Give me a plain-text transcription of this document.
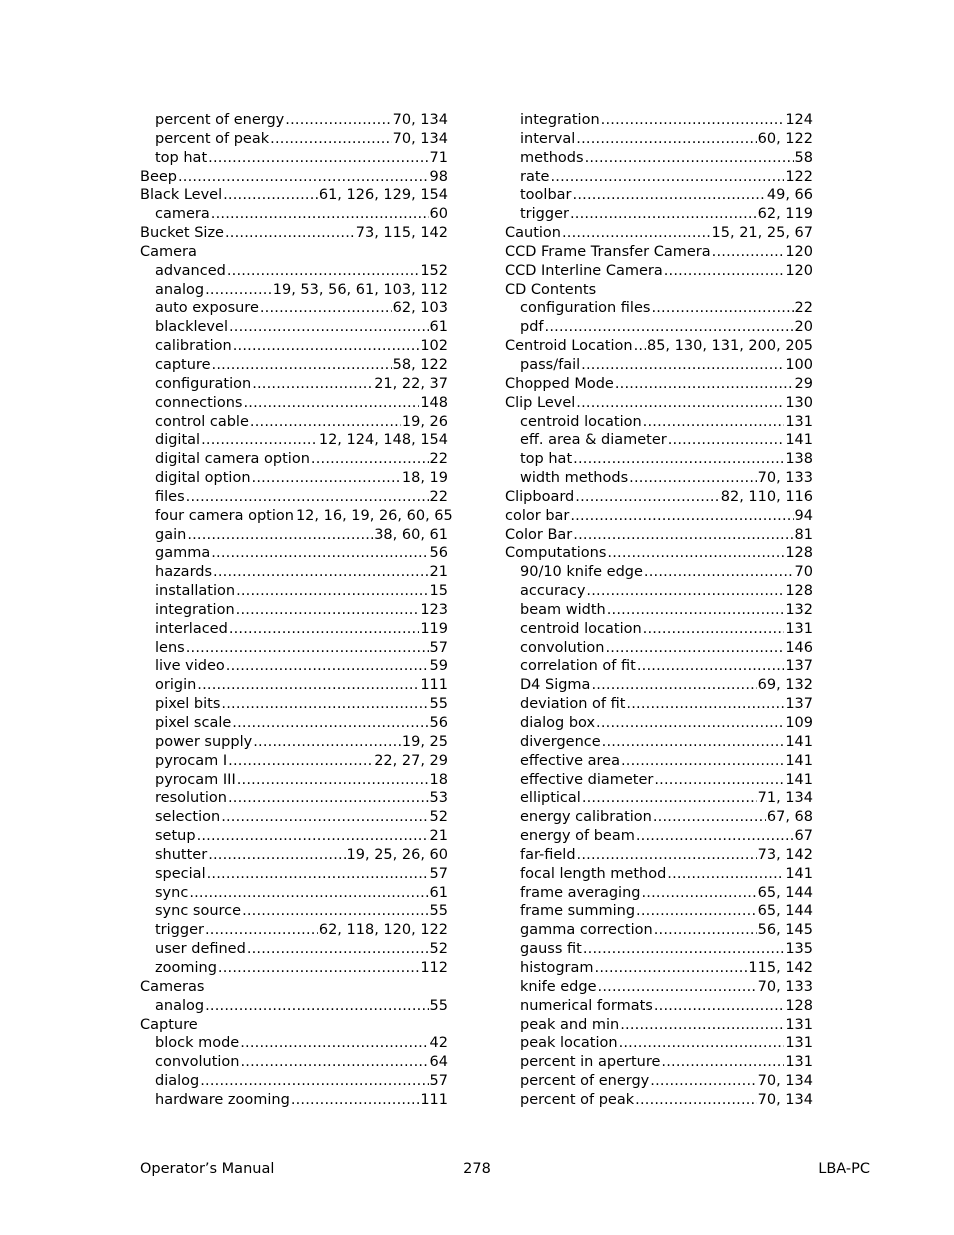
percent of energy .....	70, 134
percent of peak .....	70, 134
top hat .....	71
Beep .....	98
Black Level .....	61, 126, 129, 154
camera .....	60
Bucket Size .....	73, 115, 142
Camera
advanced .....	152
analog .....	19, 53, 56, 61, 103, 112
auto exposure .....	62, 103
blacklevel .....	61
calibration .....	102
capture .....	58, 122
configuration .....	21, 22, 37
connections .....	148
control cable .....	19, 26
digital .....	12, 124, 148, 154
digital camera option .....	22
digital option .....	18, 19
files .....	22
four camera option 12, 16, 19, 26, 60, 65
gain .....	38, 60, 61
gamma .....	56
hazards .....	21
installation .....	15
integration .....	123
interlaced .....	119
lens .....	57
live video .....	59
origin .....	111
pixel bits .....	55
pixel scale .....	56
power supply .....	19, 25
pyrocam I .....	22, 27, 29
pyrocam III .....	18
resolution .....	53
selection .....	52
setup .....	21
shutter .....	19, 25, 26, 60
special .....	57
sync .....	61
sync source .....	55
trigger .....	62, 118, 120, 122
user defined .....	52
zooming .....	112
Cameras
analog .....	55
Capture
block mode .....	42
convolution .....	64
dialog .....	57
hardware zooming .....	111
integration .....	124
interval .....	60, 122
methods .....	58
rate .....	122
toolbar .....	49, 66
trigger .....	62, 119
Caution .....	15, 21, 25, 67
CCD Frame Transfer Camera .....	120
CCD Interline Camera .....	120
CD Contents
configuration files .....	22
pdf .....	20
Centroid Location ..... 85, 130, 131, 200, 205
pass/fail .....	100
Chopped Mode .....	29
Clip Level .....	130
centroid location .....	131
eff. area & diameter .....	141
top hat .....	138
width methods .....	70, 133
Clipboard .....	82, 110, 116
color bar .....	94
Color Bar .....	81
Computations .....	128
90/10 knife edge .....	70
accuracy .....	128
beam width .....	132
centroid location .....	131
convolution .....	146
correlation of fit .....	137
D4 Sigma .....	69, 132
deviation of fit .....	137
dialog box .....	109
divergence .....	141
effective area .....	141
effective diameter .....	141
elliptical .....	71, 134
energy calibration .....	67, 68
energy of beam .....	67
far-field .....	73, 142
focal length method .....	141
frame averaging .....	65, 144
frame summing .....	65, 144
gamma correction .....	56, 145
gauss fit .....	135
histogram .....	115, 142
knife edge .....	70, 133
numerical formats .....	128
peak and min .....	131
peak location .....	131
percent in aperture .....	131
percent of energy .....	70, 134
percent of peak .....	70, 134
Operator’s Manual	278	LBA-PC
